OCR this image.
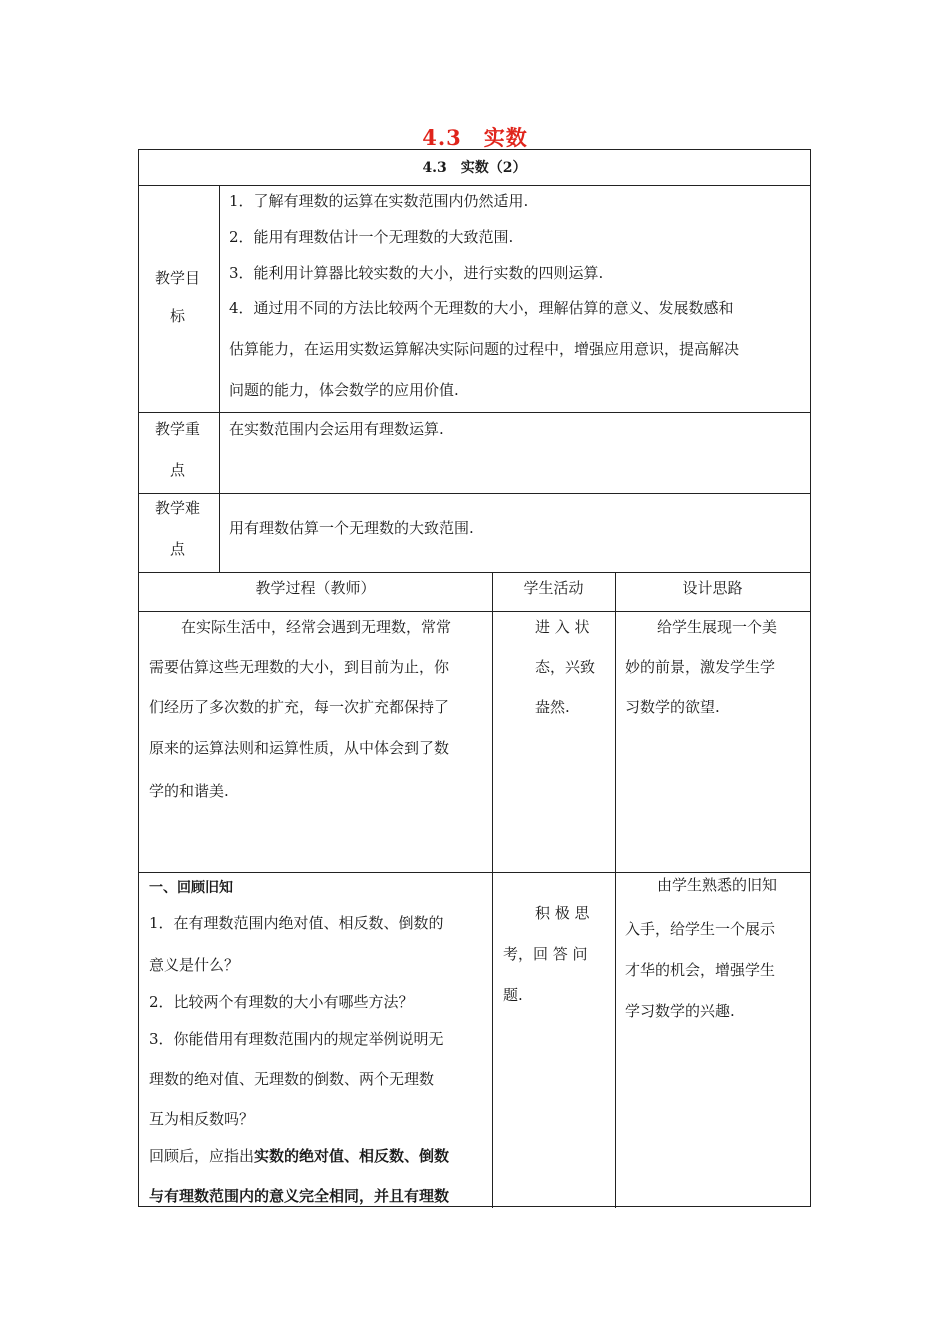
4.3　实数
4.3　实数（2）
教学目
标
1．了解有理数的运算在实数范围内仍然适用.
2．能用有理数估计一个无理数的大致范围.
3．能利用计算器比较实数的大小，进行实数的四则运算.
4．通过用不同的方法比较两个无理数的大小，理解估算的意义、发展数感和
估算能力，在运用实数运算解决实际问题的过程中，增强应用意识，提高解决
问题的能力，体会数学的应用价值.
教学重
点
在实数范围内会运用有理数运算.
教学难
点
用有理数估算一个无理数的大致范围.
教学过程（教师）	学生活动	设计思路
在实际生活中，经常会遇到无理数，常常
需要估算这些无理数的大小，到目前为止，你
们经历了多次数的扩充，每一次扩充都保持了
原来的运算法则和运算性质，从中体会到了数
学的和谐美.
进 入 状
态，兴致
盎然.
给学生展现一个美
妙的前景，激发学生学
习数学的欲望.
一、回顾旧知
1．在有理数范围内绝对值、相反数、倒数的
意义是什么？
2．比较两个有理数的大小有哪些方法？
3．你能借用有理数范围内的规定举例说明无
理数的绝对值、无理数的倒数、两个无理数
互为相反数吗？
回顾后，应指出实数的绝对值、相反数、倒数
与有理数范围内的意义完全相同，并且有理数
积 极 思
考，回 答 问
题.
由学生熟悉的旧知
入手，给学生一个展示
才华的机会，增强学生
学习数学的兴趣.
